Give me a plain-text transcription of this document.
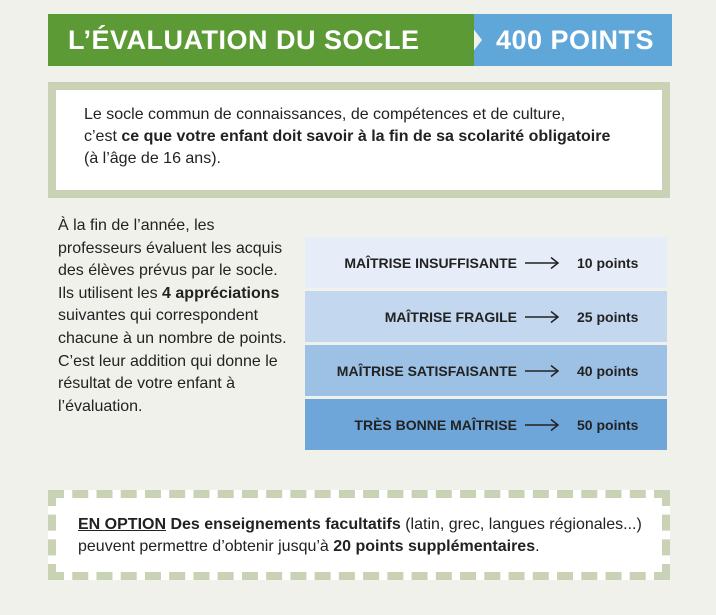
L’ÉVALUATION DU SOCLE	400 POINTS
Le socle commun de connaissances, de compétences et de culture,
c’est ce que votre enfant doit savoir à la fin de sa scolarité obligatoire
(à l’âge de 16 ans).
À la fin de l’année, les professeurs évaluent les acquis des élèves prévus par le socle. Ils utilisent les 4 appréciations suivantes qui correspondent chacune à un nombre de points. C’est leur addition qui donne le résultat de votre enfant à l’évaluation.
MAÎTRISE INSUFFISANTE	10 points
MAÎTRISE FRAGILE	25 points
MAÎTRISE SATISFAISANTE	40 points
TRÈS BONNE MAÎTRISE	50 points
EN OPTION Des enseignements facultatifs (latin, grec, langues régionales...)
peuvent permettre d’obtenir jusqu’à 20 points supplémentaires.
